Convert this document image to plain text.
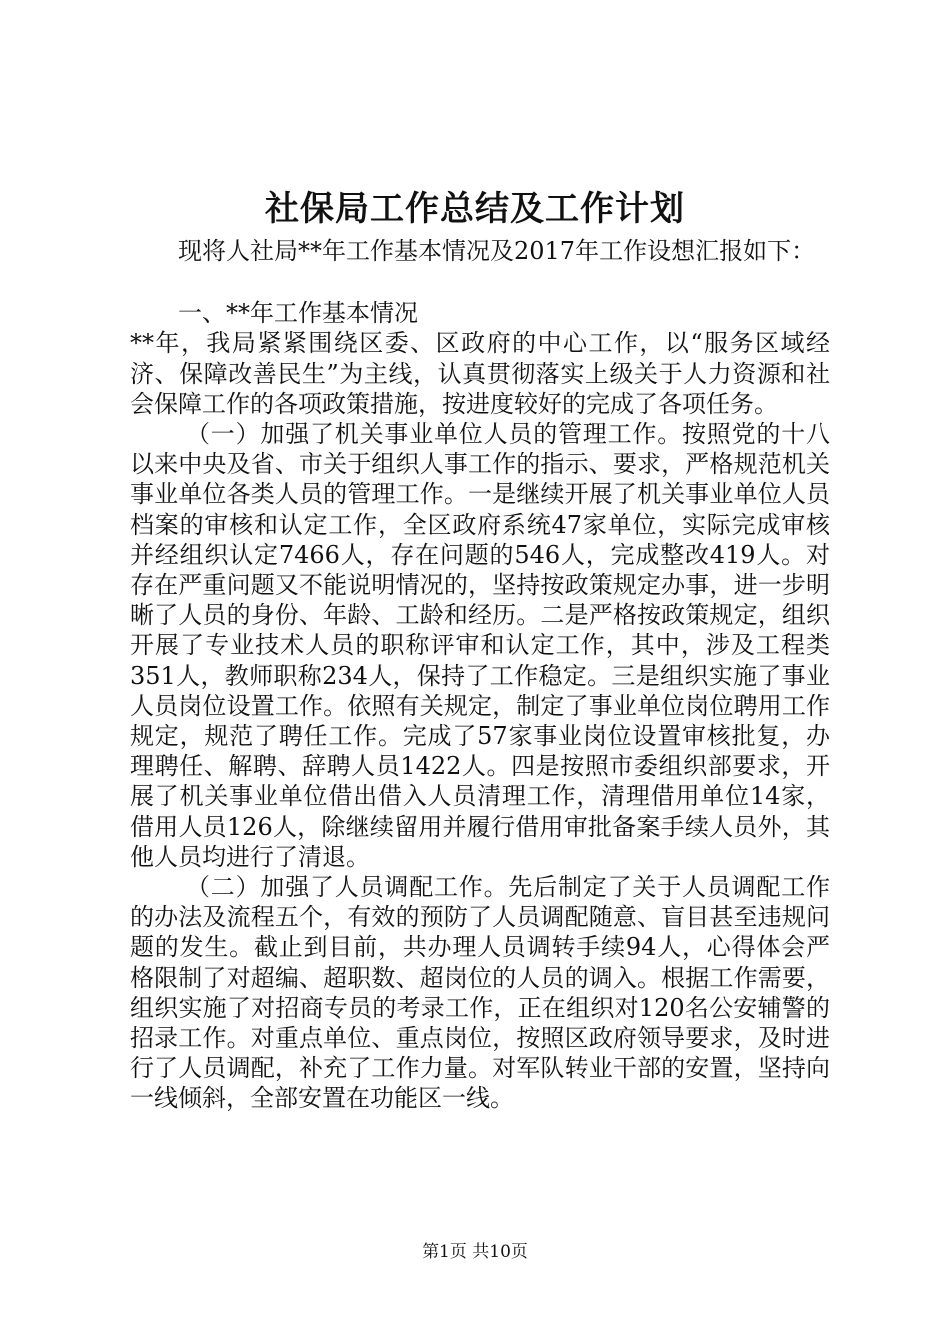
社保局工作总结及工作计划

现将人社局**年工作基本情况及2017年工作设想汇报如下：

一、**年工作基本情况

**年，我局紧紧围绕区委、区政府的中心工作，以“服务区域经济、保障改善民生”为主线，认真贯彻落实上级关于人力资源和社会保障工作的各项政策措施，按进度较好的完成了各项任务。

（一）加强了机关事业单位人员的管理工作。按照党的十八以来中央及省、市关于组织人事工作的指示、要求，严格规范机关事业单位各类人员的管理工作。一是继续开展了机关事业单位人员档案的审核和认定工作，全区政府系统47家单位，实际完成审核并经组织认定7466人，存在问题的546人，完成整改419人。对存在严重问题又不能说明情况的，坚持按政策规定办事，进一步明晰了人员的身份、年龄、工龄和经历。二是严格按政策规定，组织开展了专业技术人员的职称评审和认定工作，其中，涉及工程类351人，教师职称234人，保持了工作稳定。三是组织实施了事业人员岗位设置工作。依照有关规定，制定了事业单位岗位聘用工作规定，规范了聘任工作。完成了57家事业岗位设置审核批复，办理聘任、解聘、辞聘人员1422人。四是按照市委组织部要求，开展了机关事业单位借出借入人员清理工作，清理借用单位14家，借用人员126人，除继续留用并履行借用审批备案手续人员外，其他人员均进行了清退。

（二）加强了人员调配工作。先后制定了关于人员调配工作的办法及流程五个，有效的预防了人员调配随意、盲目甚至违规问题的发生。截止到目前，共办理人员调转手续94人，心得体会严格限制了对超编、超职数、超岗位的人员的调入。根据工作需要，组织实施了对招商专员的考录工作，正在组织对120名公安辅警的招录工作。对重点单位、重点岗位，按照区政府领导要求，及时进行了人员调配，补充了工作力量。对军队转业干部的安置，坚持向一线倾斜，全部安置在功能区一线。

第1页 共10页
